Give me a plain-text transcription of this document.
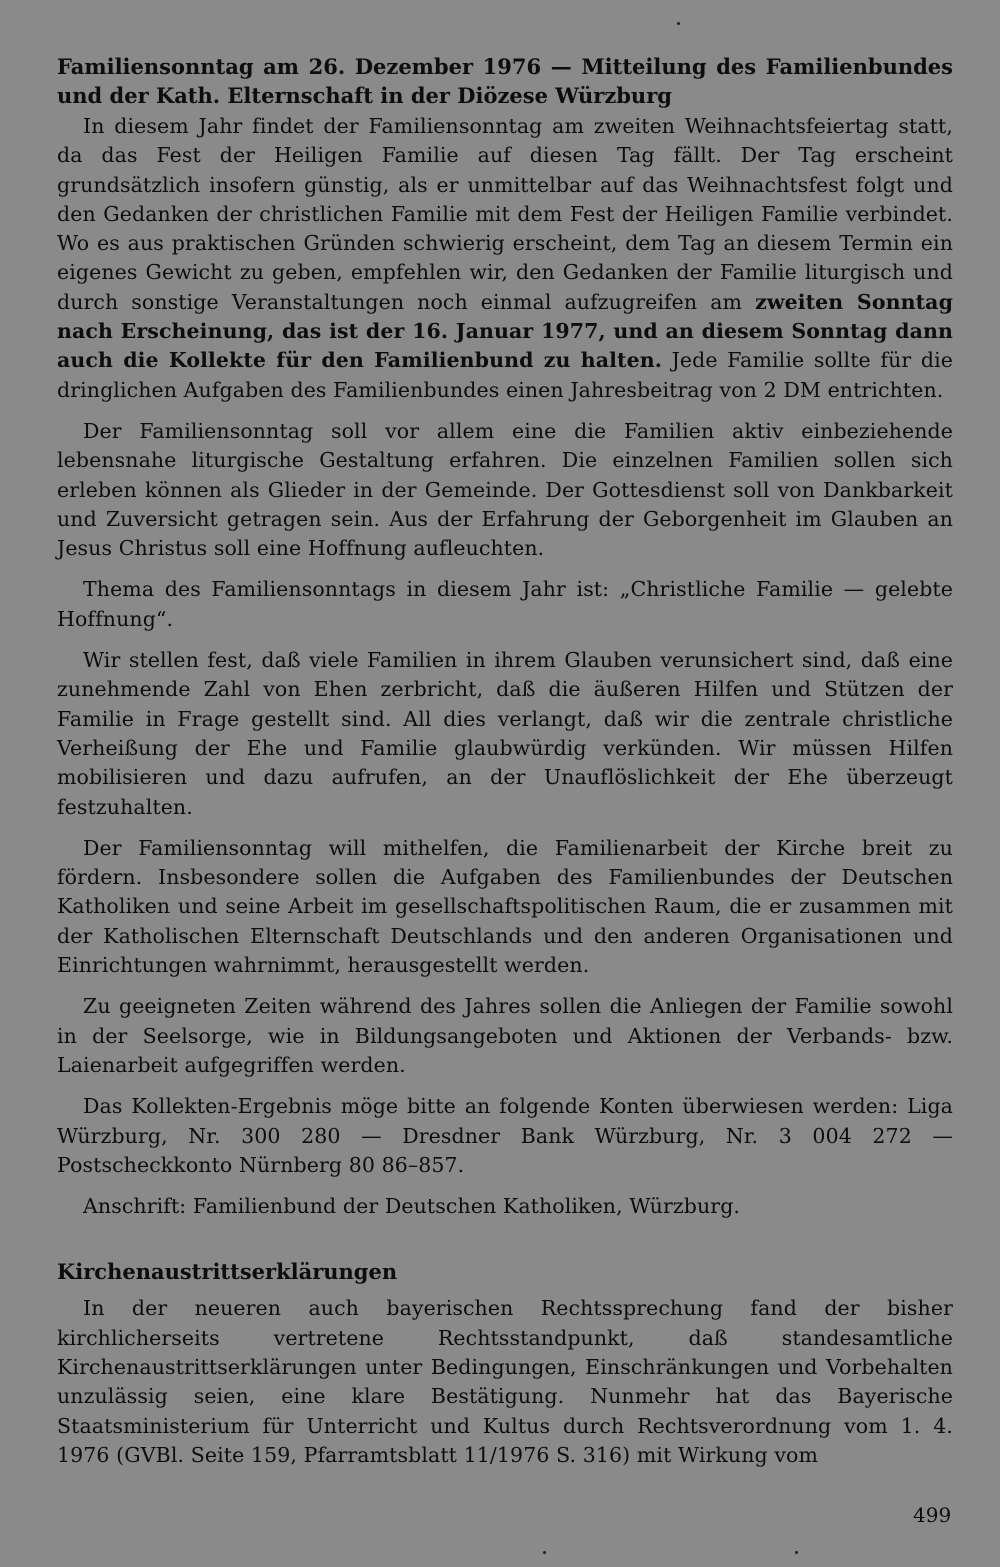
Familiensonntag am 26. Dezember 1976 — Mitteilung des Familienbundes und der Kath. Elternschaft in der Diözese Würzburg

In diesem Jahr findet der Familiensonntag am zweiten Weihnachtsfeiertag statt, da das Fest der Heiligen Familie auf diesen Tag fällt. Der Tag erscheint grundsätzlich insofern günstig, als er unmittelbar auf das Weihnachtsfest folgt und den Gedanken der christlichen Familie mit dem Fest der Heiligen Familie verbindet. Wo es aus praktischen Gründen schwierig erscheint, dem Tag an diesem Termin ein eigenes Gewicht zu geben, empfehlen wir, den Gedanken der Familie liturgisch und durch sonstige Veranstaltungen noch einmal aufzugreifen am zweiten Sonntag nach Erscheinung, das ist der 16. Januar 1977, und an diesem Sonntag dann auch die Kollekte für den Familienbund zu halten. Jede Familie sollte für die dringlichen Aufgaben des Familienbundes einen Jahresbeitrag von 2 DM entrichten.

Der Familiensonntag soll vor allem eine die Familien aktiv einbeziehende lebensnahe liturgische Gestaltung erfahren. Die einzelnen Familien sollen sich erleben können als Glieder in der Gemeinde. Der Gottesdienst soll von Dankbarkeit und Zuversicht getragen sein. Aus der Erfahrung der Geborgenheit im Glauben an Jesus Christus soll eine Hoffnung aufleuchten.

Thema des Familiensonntags in diesem Jahr ist: „Christliche Familie — gelebte Hoffnung“.

Wir stellen fest, daß viele Familien in ihrem Glauben verunsichert sind, daß eine zunehmende Zahl von Ehen zerbricht, daß die äußeren Hilfen und Stützen der Familie in Frage gestellt sind. All dies verlangt, daß wir die zentrale christliche Verheißung der Ehe und Familie glaubwürdig verkünden. Wir müssen Hilfen mobilisieren und dazu aufrufen, an der Unauflöslichkeit der Ehe überzeugt festzuhalten.

Der Familiensonntag will mithelfen, die Familienarbeit der Kirche breit zu fördern. Insbesondere sollen die Aufgaben des Familienbundes der Deutschen Katholiken und seine Arbeit im gesellschaftspolitischen Raum, die er zusammen mit der Katholischen Elternschaft Deutschlands und den anderen Organisationen und Einrichtungen wahrnimmt, herausgestellt werden.

Zu geeigneten Zeiten während des Jahres sollen die Anliegen der Familie sowohl in der Seelsorge, wie in Bildungsangeboten und Aktionen der Verbands- bzw. Laienarbeit aufgegriffen werden.

Das Kollekten-Ergebnis möge bitte an folgende Konten überwiesen werden: Liga Würzburg, Nr. 300 280 — Dresdner Bank Würzburg, Nr. 3 004 272 — Postscheckkonto Nürnberg 80 86–857.

Anschrift: Familienbund der Deutschen Katholiken, Würzburg.

Kirchenaustrittserklärungen

In der neueren auch bayerischen Rechtssprechung fand der bisher kirchlicherseits vertretene Rechtsstandpunkt, daß standesamtliche Kirchenaustrittserklärungen unter Bedingungen, Einschränkungen und Vorbehalten unzulässig seien, eine klare Bestätigung. Nunmehr hat das Bayerische Staatsministerium für Unterricht und Kultus durch Rechtsverordnung vom 1. 4. 1976 (GVBl. Seite 159, Pfarramtsblatt 11/1976 S. 316) mit Wirkung vom

499
